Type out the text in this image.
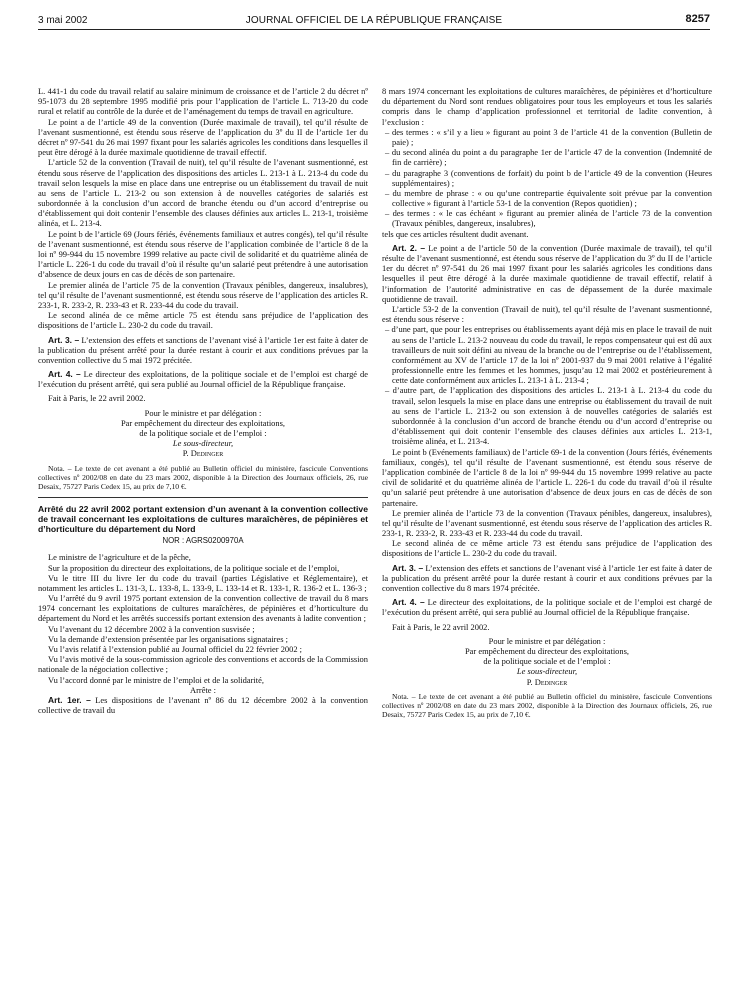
3 mai 2002	JOURNAL OFFICIEL DE LA RÉPUBLIQUE FRANÇAISE	8257

L. 441-1 du code du travail relatif au salaire minimum de croissance et de l’article 2 du décret nº 95-1073 du 28 septembre 1995 modifié pris pour l’application de l’article L. 713-20 du code rural et relatif au contrôle de la durée et de l’aménagement du temps de travail en agriculture.

Le point a de l’article 49 de la convention (Durée maximale de travail), tel qu’il résulte de l’avenant susmentionné, est étendu sous réserve de l’application du 3º du II de l’article 1er du décret nº 97-541 du 26 mai 1997 fixant pour les salariés agricoles les conditions dans lesquelles il peut être dérogé à la durée maximale quotidienne de travail effectif.

L’article 52 de la convention (Travail de nuit), tel qu’il résulte de l’avenant susmentionné, est étendu sous réserve de l’application des dispositions des articles L. 213-1 à L. 213-4 du code du travail selon lesquels la mise en place dans une entreprise ou un établissement du travail de nuit au sens de l’article L. 213-2 ou son extension à de nouvelles catégories de salariés est subordonnée à la conclusion d’un accord de branche étendu ou d’un accord d’entreprise ou d’établissement qui doit contenir l’ensemble des clauses définies aux articles L. 213-1, troisième alinéa, et L. 213-4.

Le point b de l’article 69 (Jours fériés, événements familiaux et autres congés), tel qu’il résulte de l’avenant susmentionné, est étendu sous réserve de l’application combinée de l’article 8 de la loi nº 99-944 du 15 novembre 1999 relative au pacte civil de solidarité et du quatrième alinéa de l’article L. 226-1 du code du travail d’où il résulte qu’un salarié peut prétendre à une autorisation d’absence de deux jours en cas de décès de son partenaire.

Le premier alinéa de l’article 75 de la convention (Travaux pénibles, dangereux, insalubres), tel qu’il résulte de l’avenant susmentionné, est étendu sous réserve de l’application des articles R. 233-1, R. 233-2, R. 233-43 et R. 233-44 du code du travail.

Le second alinéa de ce même article 75 est étendu sans préjudice de l’application des dispositions de l’article L. 230-2 du code du travail.

Art. 3. – L’extension des effets et sanctions de l’avenant visé à l’article 1er est faite à dater de la publication du présent arrêté pour la durée restant à courir et aux conditions prévues par la convention collective du 5 mai 1972 précitée.

Art. 4. – Le directeur des exploitations, de la politique sociale et de l’emploi est chargé de l’exécution du présent arrêté, qui sera publié au Journal officiel de la République française.

Fait à Paris, le 22 avril 2002.

Pour le ministre et par délégation :

Par empêchement du directeur des exploitations,

de la politique sociale et de l’emploi :

Le sous-directeur,

P. Dedinger

Nota. – Le texte de cet avenant a été publié au Bulletin officiel du ministère, fascicule Conventions collectives nº 2002/08 en date du 23 mars 2002, disponible à la Direction des Journaux officiels, 26, rue Desaix, 75727 Paris Cedex 15, au prix de 7,10 €.

Arrêté du 22 avril 2002 portant extension d’un avenant à la convention collective de travail concernant les exploitations de cultures maraîchères, de pépinières et d’horticulture du département du Nord

NOR : AGRS0200970A

Le ministre de l’agriculture et de la pêche,

Sur la proposition du directeur des exploitations, de la politique sociale et de l’emploi,

Vu le titre III du livre Ier du code du travail (parties Législative et Réglementaire), et notamment les articles L. 131-3, L. 133-8, L. 133-9, L. 133-14 et R. 133-1, R. 136-2 et L. 136-3 ;

Vu l’arrêté du 9 avril 1975 portant extension de la convention collective de travail du 8 mars 1974 concernant les exploitations de cultures maraîchères, de pépinières et d’horticulture du département du Nord et les arrêtés successifs portant extension des avenants à ladite convention ;

Vu l’avenant du 12 décembre 2002 à la convention susvisée ;

Vu la demande d’extension présentée par les organisations signataires ;

Vu l’avis relatif à l’extension publié au Journal officiel du 22 février 2002 ;

Vu l’avis motivé de la sous-commission agricole des conventions et accords de la Commission nationale de la négociation collective ;

Vu l’accord donné par le ministre de l’emploi et de la solidarité,

Arrête :

Art. 1er. – Les dispositions de l’avenant nº 86 du 12 décembre 2002 à la convention collective de travail du

8 mars 1974 concernant les exploitations de cultures maraîchères, de pépinières et d’horticulture du département du Nord sont rendues obligatoires pour tous les employeurs et tous les salariés compris dans le champ d’application professionnel et territorial de ladite convention, à l’exclusion :

– des termes : « s’il y a lieu » figurant au point 3 de l’article 41 de la convention (Bulletin de paie) ;
– du second alinéa du point a du paragraphe 1er de l’article 47 de la convention (Indemnité de fin de carrière) ;
– du paragraphe 3 (conventions de forfait) du point b de l’article 49 de la convention (Heures supplémentaires) ;
– du membre de phrase : « ou qu’une contrepartie équivalente soit prévue par la convention collective » figurant à l’article 53-1 de la convention (Repos quotidien) ;
– des termes : « le cas échéant » figurant au premier alinéa de l’article 73 de la convention (Travaux pénibles, dangereux, insalubres),

tels que ces articles résultent dudit avenant.

Art. 2. – Le point a de l’article 50 de la convention (Durée maximale de travail), tel qu’il résulte de l’avenant susmentionné, est étendu sous réserve de l’application du 3º du II de l’article 1er du décret nº 97-541 du 26 mai 1997 fixant pour les salariés agricoles les conditions dans lesquelles il peut être dérogé à la durée maximale quotidienne de travail effectif, relatif à l’information de l’autorité administrative en cas de dépassement de la durée maximale quotidienne de travail.

L’article 53-2 de la convention (Travail de nuit), tel qu’il résulte de l’avenant susmentionné, est étendu sous réserve :

– d’une part, que pour les entreprises ou établissements ayant déjà mis en place le travail de nuit au sens de l’article L. 213-2 nouveau du code du travail, le repos compensateur qui est dû aux travailleurs de nuit soit défini au niveau de la branche ou de l’entreprise ou de l’établissement, conformément au XV de l’article 17 de la loi nº 2001-937 du 9 mai 2001 relative à l’égalité professionnelle entre les femmes et les hommes, jusqu’au 12 mai 2002 et postérieurement à cette date conformément aux articles L. 213-1 à L. 213-4 ;
– d’autre part, de l’application des dispositions des articles L. 213-1 à L. 213-4 du code du travail, selon lesquels la mise en place dans une entreprise ou établissement du travail de nuit au sens de l’article L. 213-2 ou son extension à de nouvelles catégories de salariés est subordonnée à la conclusion d’un accord de branche étendu ou d’un accord d’entreprise ou d’établissement qui doit contenir l’ensemble des clauses définies aux articles L. 213-1, troisième alinéa, et L. 213-4.

Le point b (Evénements familiaux) de l’article 69-1 de la convention (Jours fériés, événements familiaux, congés), tel qu’il résulte de l’avenant susmentionné, est étendu sous réserve de l’application combinée de l’article 8 de la loi nº 99-944 du 15 novembre 1999 relative au pacte civil de solidarité et du quatrième alinéa de l’article L. 226-1 du code du travail d’où il résulte qu’un salarié peut prétendre à une autorisation d’absence de deux jours en cas de décès de son partenaire.

Le premier alinéa de l’article 73 de la convention (Travaux pénibles, dangereux, insalubres), tel qu’il résulte de l’avenant susmentionné, est étendu sous réserve de l’application des articles R. 233-1, R. 233-2, R. 233-43 et R. 233-44 du code du travail.

Le second alinéa de ce même article 73 est étendu sans préjudice de l’application des dispositions de l’article L. 230-2 du code du travail.

Art. 3. – L’extension des effets et sanctions de l’avenant visé à l’article 1er est faite à dater de la publication du présent arrêté pour la durée restant à courir et aux conditions prévues par la convention collective du 8 mars 1974 précitée.

Art. 4. – Le directeur des exploitations, de la politique sociale et de l’emploi est chargé de l’exécution du présent arrêté, qui sera publié au Journal officiel de la République française.

Fait à Paris, le 22 avril 2002.

Pour le ministre et par délégation :

Par empêchement du directeur des exploitations,

de la politique sociale et de l’emploi :

Le sous-directeur,

P. Dedinger

Nota. – Le texte de cet avenant a été publié au Bulletin officiel du ministère, fascicule Conventions collectives nº 2002/08 en date du 23 mars 2002, disponible à la Direction des Journaux officiels, 26, rue Desaix, 75727 Paris Cedex 15, au prix de 7,10 €.
